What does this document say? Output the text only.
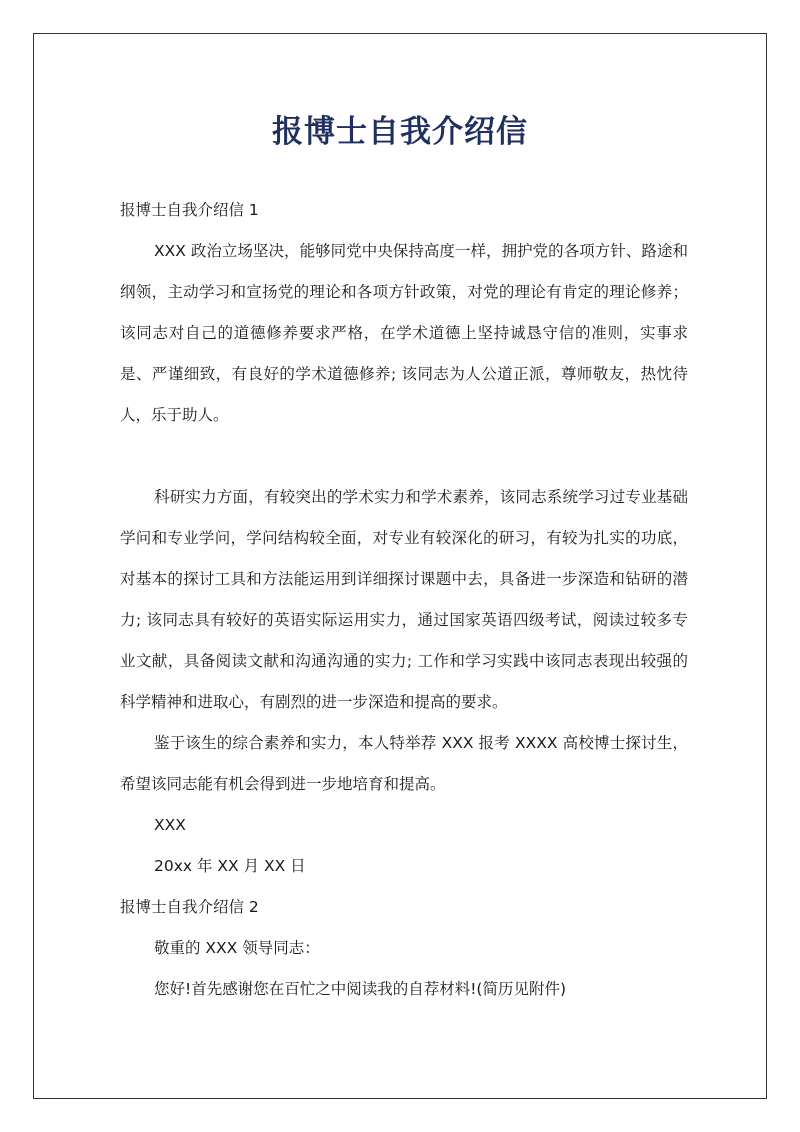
报博士自我介绍信

报博士自我介绍信 1

XXX 政治立场坚决，能够同党中央保持高度一样，拥护党的各项方针、路途和纲领，主动学习和宣扬党的理论和各项方针政策，对党的理论有肯定的理论修养；该同志对自己的道德修养要求严格，在学术道德上坚持诚恳守信的准则，实事求是、严谨细致，有良好的学术道德修养; 该同志为人公道正派，尊师敬友，热忱待人，乐于助人。

科研实力方面，有较突出的学术实力和学术素养，该同志系统学习过专业基础学问和专业学问，学问结构较全面，对专业有较深化的研习，有较为扎实的功底，对基本的探讨工具和方法能运用到详细探讨课题中去，具备进一步深造和钻研的潜力; 该同志具有较好的英语实际运用实力，通过国家英语四级考试，阅读过较多专业文献，具备阅读文献和沟通沟通的实力; 工作和学习实践中该同志表现出较强的科学精神和进取心，有剧烈的进一步深造和提高的要求。

鉴于该生的综合素养和实力，本人特举荐 XXX 报考 XXXX 高校博士探讨生，希望该同志能有机会得到进一步地培育和提高。

XXX

20xx 年 XX 月 XX 日

报博士自我介绍信 2

敬重的 XXX 领导同志：

您好!首先感谢您在百忙之中阅读我的自荐材料!(简历见附件)
